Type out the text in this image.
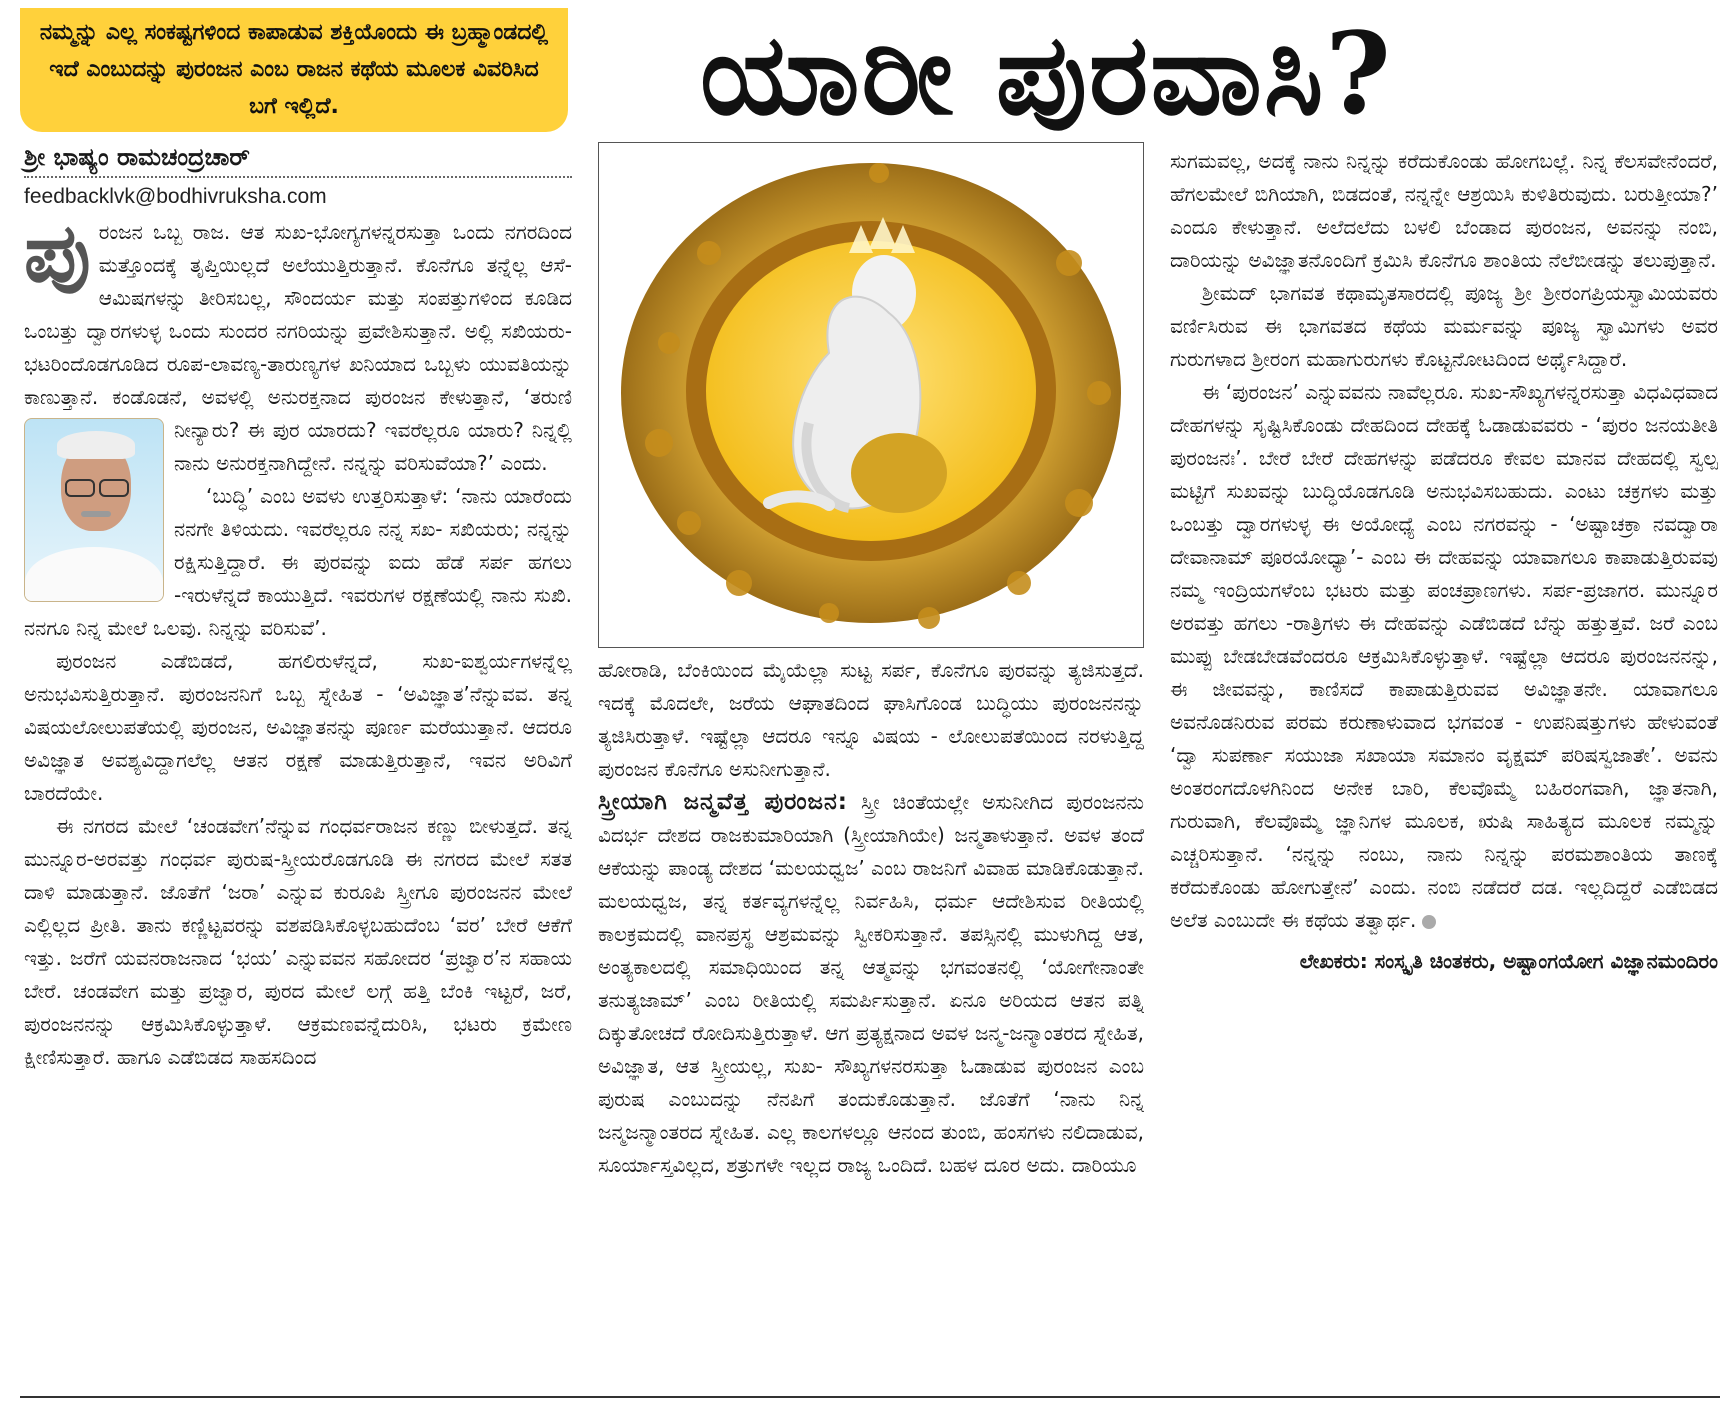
ನಮ್ಮನ್ನು ಎಲ್ಲ ಸಂಕಷ್ಟಗಳಿಂದ ಕಾಪಾಡುವ ಶಕ್ತಿಯೊಂದು ಈ ಬ್ರಹ್ಮಾಂಡದಲ್ಲಿ ಇದೆ ಎಂಬುದನ್ನು ಪುರಂಜನ ಎಂಬ ರಾಜನ ಕಥೆಯ ಮೂಲಕ ವಿವರಿಸಿದ ಬಗೆ ಇಲ್ಲಿದೆ.	ಯಾರೀ ಪುರವಾಸಿ?
ಶ್ರೀ ಭಾಷ್ಯಂ ರಾಮಚಂದ್ರಚಾರ್
feedbacklvk@bodhivruksha.com

ಪುರಂಜನ ಒಬ್ಬ ರಾಜ. ಆತ ಸುಖ-ಭೋಗ್ಯಗಳನ್ನರಸುತ್ತಾ ಒಂದು ನಗರದಿಂದ ಮತ್ತೊಂದಕ್ಕೆ ತೃಪ್ತಿಯಿಲ್ಲದೆ ಅಲೆಯುತ್ತಿರುತ್ತಾನೆ. ಕೊನೆಗೂ ತನ್ನೆಲ್ಲ ಆಸೆ-ಆಮಿಷಗಳನ್ನು ತೀರಿಸಬಲ್ಲ, ಸೌಂದರ್ಯ ಮತ್ತು ಸಂಪತ್ತುಗಳಿಂದ ಕೂಡಿದ ಒಂಬತ್ತು ದ್ವಾರಗಳುಳ್ಳ ಒಂದು ಸುಂದರ ನಗರಿಯನ್ನು ಪ್ರವೇಶಿಸುತ್ತಾನೆ. ಅಲ್ಲಿ ಸಖಿಯರು-ಭಟರಿಂದೊಡಗೂಡಿದ ರೂಪ-ಲಾವಣ್ಯ-ತಾರುಣ್ಯಗಳ ಖನಿಯಾದ ಒಬ್ಬಳು ಯುವತಿಯನ್ನು ಕಾಣುತ್ತಾನೆ. ಕಂಡೊಡನೆ, ಅವಳಲ್ಲಿ ಅನುರಕ್ತನಾದ ಪುರಂಜನ ಕೇಳುತ್ತಾನೆ, ‘ತರುಣಿ ನೀನ್ಯಾರು? ಈ ಪುರ ಯಾರದು? ಇವರೆಲ್ಲರೂ ಯಾರು? ನಿನ್ನಲ್ಲಿ ನಾನು ಅನುರಕ್ತನಾಗಿದ್ದೇನೆ. ನನ್ನನ್ನು ವರಿಸುವೆಯಾ?’ ಎಂದು.

‘ಬುದ್ಧಿ’ ಎಂಬ ಅವಳು ಉತ್ತರಿಸುತ್ತಾಳೆ: ‘ನಾನು ಯಾರೆಂದು ನನಗೇ ತಿಳಿಯದು. ಇವರೆಲ್ಲರೂ ನನ್ನ ಸಖ- ಸಖಿಯರು; ನನ್ನನ್ನು ರಕ್ಷಿಸುತ್ತಿದ್ದಾರೆ. ಈ ಪುರವನ್ನು ಐದು ಹೆಡೆ ಸರ್ಪ ಹಗಲು -ಇರುಳೆನ್ನದೆ ಕಾಯುತ್ತಿದೆ. ಇವರುಗಳ ರಕ್ಷಣೆಯಲ್ಲಿ ನಾನು ಸುಖಿ. ನನಗೂ ನಿನ್ನ ಮೇಲೆ ಒಲವು. ನಿನ್ನನ್ನು ವರಿಸುವೆ’.

ಪುರಂಜನ ಎಡೆಬಿಡದೆ, ಹಗಲಿರುಳೆನ್ನದೆ, ಸುಖ-ಐಶ್ವರ್ಯಗಳನ್ನೆಲ್ಲ ಅನುಭವಿಸುತ್ತಿರುತ್ತಾನೆ. ಪುರಂಜನನಿಗೆ ಒಬ್ಬ ಸ್ನೇಹಿತ - ‘ಅವಿಜ್ಞಾತ’ನೆನ್ನುವವ. ತನ್ನ ವಿಷಯಲೋಲುಪತೆಯಲ್ಲಿ ಪುರಂಜನ, ಅವಿಜ್ಞಾತನನ್ನು ಪೂರ್ಣ ಮರೆಯುತ್ತಾನೆ. ಆದರೂ ಅವಿಜ್ಞಾತ ಅವಶ್ಯವಿದ್ದಾಗಲೆಲ್ಲ ಆತನ ರಕ್ಷಣೆ ಮಾಡುತ್ತಿರುತ್ತಾನೆ, ಇವನ ಅರಿವಿಗೆ ಬಾರದೆಯೇ.

ಈ ನಗರದ ಮೇಲೆ ‘ಚಂಡವೇಗ’ನೆನ್ನುವ ಗಂಧರ್ವರಾಜನ ಕಣ್ಣು ಬೀಳುತ್ತದೆ. ತನ್ನ ಮುನ್ನೂರ-ಅರವತ್ತು ಗಂಧರ್ವ ಪುರುಷ-ಸ್ತ್ರೀಯರೊಡಗೂಡಿ ಈ ನಗರದ ಮೇಲೆ ಸತತ ದಾಳಿ ಮಾಡುತ್ತಾನೆ. ಜೊತೆಗೆ ‘ಜರಾ’ ಎನ್ನುವ ಕುರೂಪಿ ಸ್ತ್ರೀಗೂ ಪುರಂಜನನ ಮೇಲೆ ಎಲ್ಲಿಲ್ಲದ ಪ್ರೀತಿ. ತಾನು ಕಣ್ಣಿಟ್ಟವರನ್ನು ವಶಪಡಿಸಿಕೊಳ್ಳಬಹುದೆಂಬ ‘ವರ’ ಬೇರೆ ಆಕೆಗೆ ಇತ್ತು. ಜರೆಗೆ ಯವನರಾಜನಾದ ‘ಭಯ’ ಎನ್ನುವವನ ಸಹೋದರ ‘ಪ್ರಜ್ವಾರ’ನ ಸಹಾಯ ಬೇರೆ. ಚಂಡವೇಗ ಮತ್ತು ಪ್ರಜ್ವಾರ, ಪುರದ ಮೇಲೆ ಲಗ್ಗೆ ಹತ್ತಿ ಬೆಂಕಿ ಇಟ್ಟರೆ, ಜರೆ, ಪುರಂಜನನನ್ನು ಆಕ್ರಮಿಸಿಕೊಳ್ಳುತ್ತಾಳೆ. ಆಕ್ರಮಣವನ್ನೆದುರಿಸಿ, ಭಟರು ಕ್ರಮೇಣ ಕ್ಷೀಣಿಸುತ್ತಾರೆ. ಹಾಗೂ ಎಡೆಬಿಡದ ಸಾಹಸದಿಂದ

ಹೋರಾಡಿ, ಬೆಂಕಿಯಿಂದ ಮೈಯೆಲ್ಲಾ ಸುಟ್ಟ ಸರ್ಪ, ಕೊನೆಗೂ ಪುರವನ್ನು ತ್ಯಜಿಸುತ್ತದೆ. ಇದಕ್ಕೆ ಮೊದಲೇ, ಜರೆಯ ಆಘಾತದಿಂದ ಘಾಸಿಗೊಂಡ ಬುದ್ಧಿಯು ಪುರಂಜನನನ್ನು ತ್ಯಜಿಸಿರುತ್ತಾಳೆ. ಇಷ್ಟೆಲ್ಲಾ ಆದರೂ ಇನ್ನೂ ವಿಷಯ - ಲೋಲುಪತೆಯಿಂದ ನರಳುತ್ತಿದ್ದ ಪುರಂಜನ ಕೊನೆಗೂ ಅಸುನೀಗುತ್ತಾನೆ.

ಸ್ತ್ರೀಯಾಗಿ ಜನ್ಮವೆತ್ತ ಪುರಂಜನ: ಸ್ತ್ರೀ ಚಿಂತೆಯಲ್ಲೇ ಅಸುನೀಗಿದ ಪುರಂಜನನು ವಿದರ್ಭ ದೇಶದ ರಾಜಕುಮಾರಿಯಾಗಿ (ಸ್ತ್ರೀಯಾಗಿಯೇ) ಜನ್ಮತಾಳುತ್ತಾನೆ. ಅವಳ ತಂದೆ ಆಕೆಯನ್ನು ಪಾಂಡ್ಯ ದೇಶದ ‘ಮಲಯಧ್ವಜ’ ಎಂಬ ರಾಜನಿಗೆ ವಿವಾಹ ಮಾಡಿಕೊಡುತ್ತಾನೆ. ಮಲಯಧ್ವಜ, ತನ್ನ ಕರ್ತವ್ಯಗಳನ್ನೆಲ್ಲ ನಿರ್ವಹಿಸಿ, ಧರ್ಮ ಆದೇಶಿಸುವ ರೀತಿಯಲ್ಲಿ ಕಾಲಕ್ರಮದಲ್ಲಿ ವಾನಪ್ರಸ್ಥ ಆಶ್ರಮವನ್ನು ಸ್ವೀಕರಿಸುತ್ತಾನೆ. ತಪಸ್ಸಿನಲ್ಲಿ ಮುಳುಗಿದ್ದ ಆತ, ಅಂತ್ಯಕಾಲದಲ್ಲಿ ಸಮಾಧಿಯಿಂದ ತನ್ನ ಆತ್ಮವನ್ನು ಭಗವಂತನಲ್ಲಿ ‘ಯೋಗೇನಾಂತೇ ತನುತ್ಯಜಾಮ್’ ಎಂಬ ರೀತಿಯಲ್ಲಿ ಸಮರ್ಪಿಸುತ್ತಾನೆ. ಏನೂ ಅರಿಯದ ಆತನ ಪತ್ನಿ ದಿಕ್ಕುತೋಚದೆ ರೋದಿಸುತ್ತಿರುತ್ತಾಳೆ. ಆಗ ಪ್ರತ್ಯಕ್ಷನಾದ ಅವಳ ಜನ್ಮ-ಜನ್ಮಾಂತರದ ಸ್ನೇಹಿತ, ಅವಿಜ್ಞಾತ, ಆತ ಸ್ತ್ರೀಯಲ್ಲ, ಸುಖ- ಸೌಖ್ಯಗಳನರಸುತ್ತಾ ಓಡಾಡುವ ಪುರಂಜನ ಎಂಬ ಪುರುಷ ಎಂಬುದನ್ನು ನೆನಪಿಗೆ ತಂದುಕೊಡುತ್ತಾನೆ. ಜೊತೆಗೆ ‘ನಾನು ನಿನ್ನ ಜನ್ಮಜನ್ಮಾಂತರದ ಸ್ನೇಹಿತ. ಎಲ್ಲ ಕಾಲಗಳಲ್ಲೂ ಆನಂದ ತುಂಬಿ, ಹಂಸಗಳು ನಲಿದಾಡುವ, ಸೂರ್ಯಾಸ್ತವಿಲ್ಲದ, ಶತ್ರುಗಳೇ ಇಲ್ಲದ ರಾಜ್ಯ ಒಂದಿದೆ. ಬಹಳ ದೂರ ಅದು. ದಾರಿಯೂ

ಸುಗಮವಲ್ಲ, ಅದಕ್ಕೆ ನಾನು ನಿನ್ನನ್ನು ಕರೆದುಕೊಂಡು ಹೋಗಬಲ್ಲೆ. ನಿನ್ನ ಕೆಲಸವೇನೆಂದರೆ, ಹೆಗಲಮೇಲೆ ಬಿಗಿಯಾಗಿ, ಬಿಡದಂತೆ, ನನ್ನನ್ನೇ ಆಶ್ರಯಿಸಿ ಕುಳಿತಿರುವುದು. ಬರುತ್ತೀಯಾ?’ ಎಂದೂ ಕೇಳುತ್ತಾನೆ. ಅಲೆದಲೆದು ಬಳಲಿ ಬೆಂಡಾದ ಪುರಂಜನ, ಅವನನ್ನು ನಂಬಿ, ದಾರಿಯನ್ನು ಅವಿಜ್ಞಾತನೊಂದಿಗೆ ಕ್ರಮಿಸಿ ಕೊನೆಗೂ ಶಾಂತಿಯ ನೆಲೆಬೀಡನ್ನು ತಲುಪುತ್ತಾನೆ.

ಶ್ರೀಮದ್ ಭಾಗವತ ಕಥಾಮೃತಸಾರದಲ್ಲಿ ಪೂಜ್ಯ ಶ್ರೀ ಶ್ರೀರಂಗಪ್ರಿಯಸ್ವಾಮಿಯವರು ವರ್ಣಿಸಿರುವ ಈ ಭಾಗವತದ ಕಥೆಯ ಮರ್ಮವನ್ನು ಪೂಜ್ಯ ಸ್ವಾಮಿಗಳು ಅವರ ಗುರುಗಳಾದ ಶ್ರೀರಂಗ ಮಹಾಗುರುಗಳು ಕೊಟ್ಟನೋಟದಿಂದ ಅರ್ಥೈಸಿದ್ದಾರೆ.

ಈ ‘ಪುರಂಜನ’ ಎನ್ನುವವನು ನಾವೆಲ್ಲರೂ. ಸುಖ-ಸೌಖ್ಯಗಳನ್ನರಸುತ್ತಾ ವಿಧವಿಧವಾದ ದೇಹಗಳನ್ನು ಸೃಷ್ಟಿಸಿಕೊಂಡು ದೇಹದಿಂದ ದೇಹಕ್ಕೆ ಓಡಾಡುವವರು - ‘ಪುರಂ ಜನಯತೀತಿ ಪುರಂಜನಃ’. ಬೇರೆ ಬೇರೆ ದೇಹಗಳನ್ನು ಪಡೆದರೂ ಕೇವಲ ಮಾನವ ದೇಹದಲ್ಲಿ ಸ್ವಲ್ಪ ಮಟ್ಟಿಗೆ ಸುಖವನ್ನು ಬುದ್ಧಿಯೊಡಗೂಡಿ ಅನುಭವಿಸಬಹುದು. ಎಂಟು ಚಕ್ರಗಳು ಮತ್ತು ಒಂಬತ್ತು ದ್ವಾರಗಳುಳ್ಳ ಈ ಅಯೋಧ್ಯೆ ಎಂಬ ನಗರವನ್ನು - ‘ಅಷ್ಟಾಚಕ್ರಾ ನವದ್ವಾರಾ ದೇವಾನಾಮ್ ಪೂರಯೋಧ್ಯಾ’- ಎಂಬ ಈ ದೇಹವನ್ನು ಯಾವಾಗಲೂ ಕಾಪಾಡುತ್ತಿರುವವು ನಮ್ಮ ಇಂದ್ರಿಯಗಳೆಂಬ ಭಟರು ಮತ್ತು ಪಂಚಪ್ರಾಣಗಳು. ಸರ್ಪ-ಪ್ರಜಾಗರ. ಮುನ್ನೂರ ಅರವತ್ತು ಹಗಲು -ರಾತ್ರಿಗಳು ಈ ದೇಹವನ್ನು ಎಡೆಬಿಡದೆ ಬೆನ್ನು ಹತ್ತುತ್ತವೆ. ಜರೆ ಎಂಬ ಮುಪ್ಪು ಬೇಡಬೇಡವೆಂದರೂ ಆಕ್ರಮಿಸಿಕೊಳ್ಳುತ್ತಾಳೆ. ಇಷ್ಟೆಲ್ಲಾ ಆದರೂ ಪುರಂಜನನನ್ನು, ಈ ಜೀವವನ್ನು, ಕಾಣಿಸದೆ ಕಾಪಾಡುತ್ತಿರುವವ ಅವಿಜ್ಞಾತನೇ. ಯಾವಾಗಲೂ ಅವನೊಡನಿರುವ ಪರಮ ಕರುಣಾಳುವಾದ ಭಗವಂತ - ಉಪನಿಷತ್ತುಗಳು ಹೇಳುವಂತೆ ‘ದ್ವಾ ಸುಪರ್ಣಾ ಸಯುಜಾ ಸಖಾಯಾ ಸಮಾನಂ ವೃಕ್ಷಮ್ ಪರಿಷಸ್ವಜಾತೇ’. ಅವನು ಅಂತರಂಗದೊಳಗಿನಿಂದ ಅನೇಕ ಬಾರಿ, ಕೆಲವೊಮ್ಮೆ ಬಹಿರಂಗವಾಗಿ, ಜ್ಞಾತನಾಗಿ, ಗುರುವಾಗಿ, ಕೆಲವೊಮ್ಮೆ ಜ್ಞಾನಿಗಳ ಮೂಲಕ, ಋಷಿ ಸಾಹಿತ್ಯದ ಮೂಲಕ ನಮ್ಮನ್ನು ಎಚ್ಚರಿಸುತ್ತಾನೆ. ‘ನನ್ನನ್ನು ನಂಬು, ನಾನು ನಿನ್ನನ್ನು ಪರಮಶಾಂತಿಯ ತಾಣಕ್ಕೆ ಕರೆದುಕೊಂಡು ಹೋಗುತ್ತೇನೆ’ ಎಂದು. ನಂಬಿ ನಡೆದರೆ ದಡ. ಇಲ್ಲದಿದ್ದರೆ ಎಡೆಬಿಡದ ಅಲೆತ ಎಂಬುದೇ ಈ ಕಥೆಯ ತತ್ವಾರ್ಥ.

ಲೇಖಕರು: ಸಂಸ್ಕೃತಿ ಚಿಂತಕರು, ಅಷ್ಟಾಂಗಯೋಗ ವಿಜ್ಞಾನಮಂದಿರಂ
